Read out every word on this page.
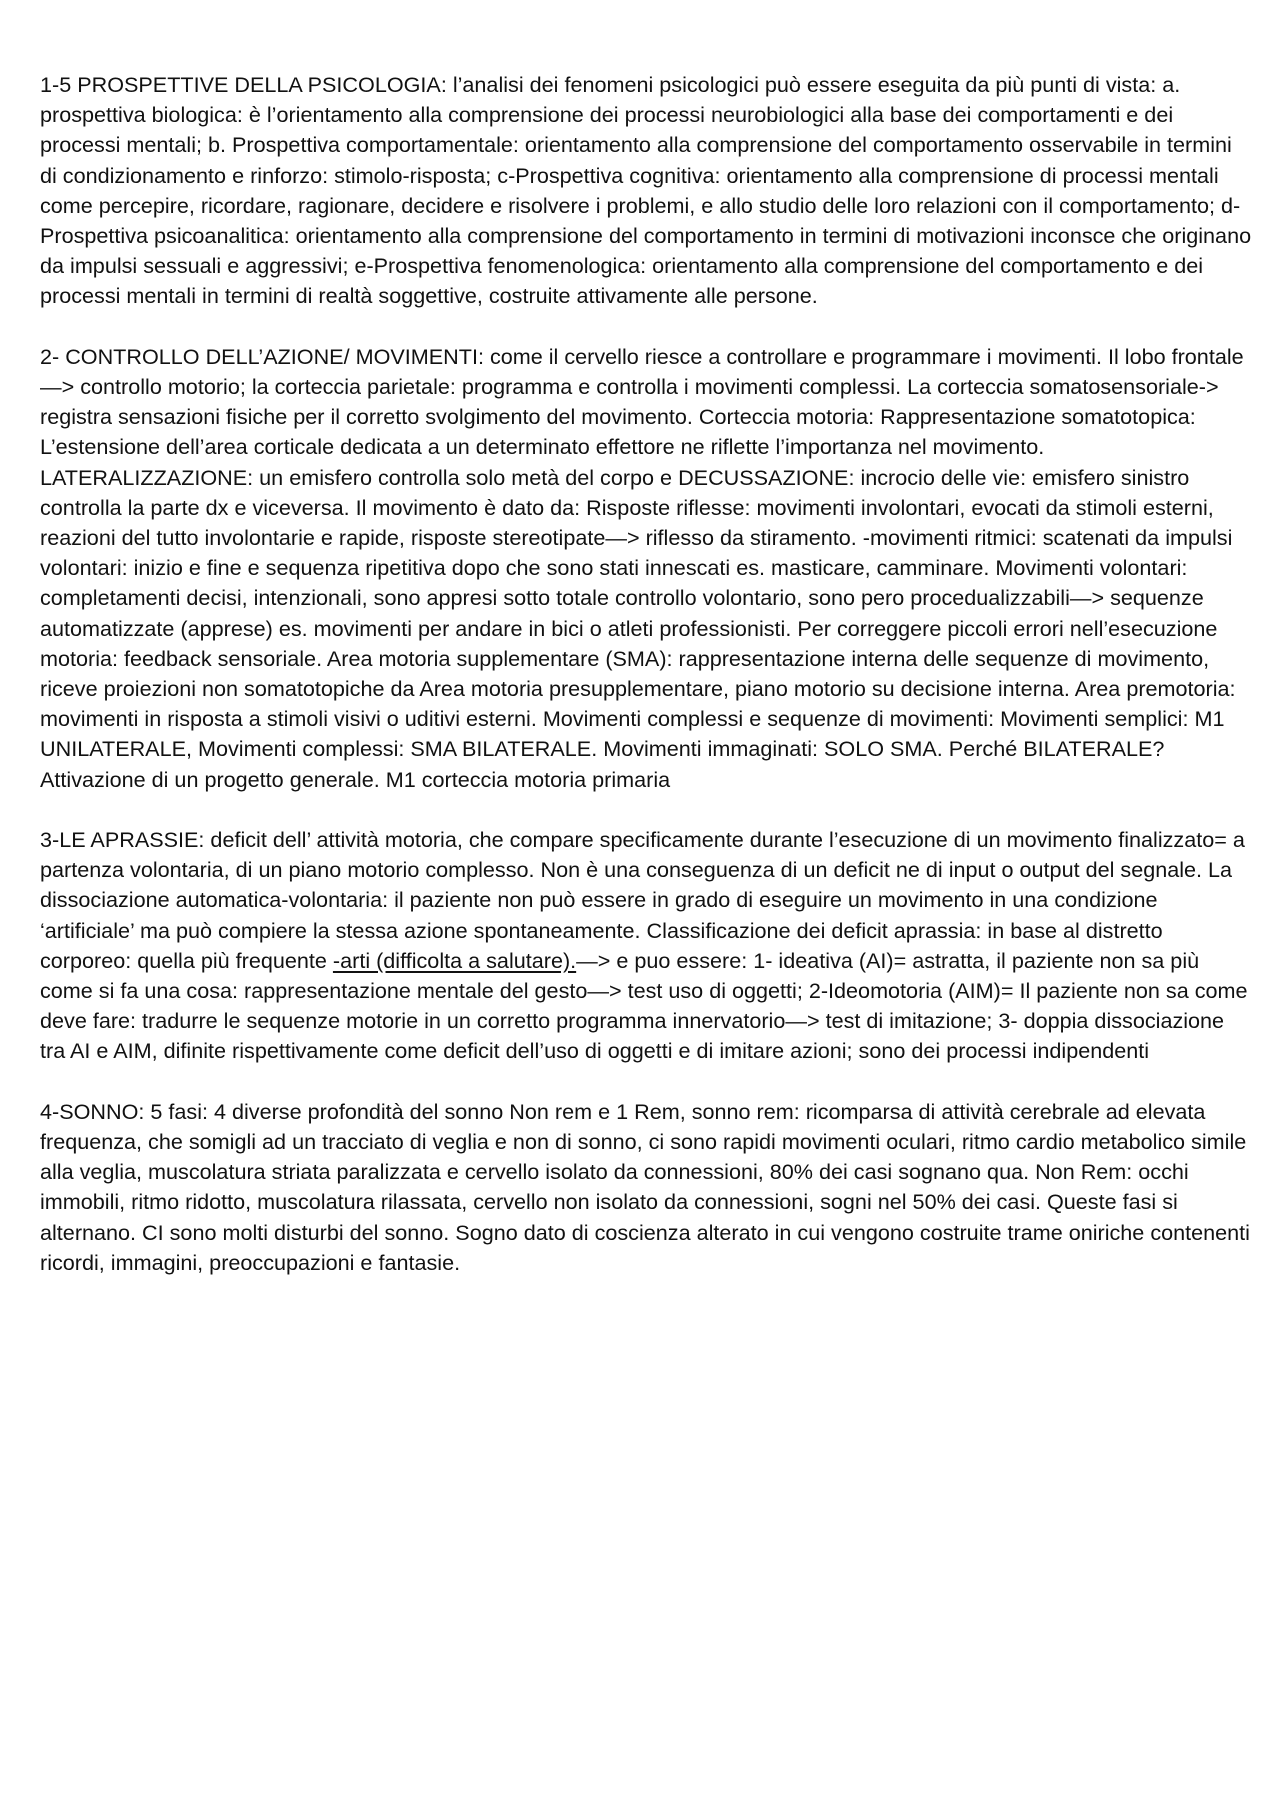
1-5 PROSPETTIVE DELLA PSICOLOGIA: l’analisi dei fenomeni psicologici può essere eseguita da più punti di vista: a. prospettiva biologica: è l’orientamento alla comprensione dei processi neurobiologici alla base dei comportamenti e dei processi mentali; b. Prospettiva comportamentale: orientamento alla comprensione del comportamento osservabile in termini di condizionamento e rinforzo: stimolo-risposta; c-Prospettiva cognitiva: orientamento alla comprensione di processi mentali come percepire, ricordare, ragionare, decidere e risolvere i problemi, e allo studio delle loro relazioni con il comportamento; d-Prospettiva psicoanalitica: orientamento alla comprensione del comportamento in termini di motivazioni inconsce che originano da impulsi sessuali e aggressivi; e-Prospettiva fenomenologica: orientamento alla comprensione del comportamento e dei processi mentali in termini di realtà soggettive, costruite attivamente alle persone.

2- CONTROLLO DELL’AZIONE/ MOVIMENTI: come il cervello riesce a controllare e programmare i movimenti. Il lobo frontale—> controllo motorio; la corteccia parietale: programma e controlla i movimenti complessi. La corteccia somatosensoriale-> registra sensazioni fisiche per il corretto svolgimento del movimento. Corteccia motoria: Rappresentazione somatotopica: L’estensione dell’area corticale dedicata a un determinato effettore ne riflette l’importanza nel movimento. LATERALIZZAZIONE: un emisfero controlla solo metà del corpo e DECUSSAZIONE: incrocio delle vie: emisfero sinistro controlla la parte dx e viceversa. Il movimento è dato da: Risposte riflesse: movimenti involontari, evocati da stimoli esterni, reazioni del tutto involontarie e rapide, risposte stereotipate—> riflesso da stiramento. -movimenti ritmici: scatenati da impulsi volontari: inizio e fine e sequenza ripetitiva dopo che sono stati innescati es. masticare, camminare. Movimenti volontari: completamenti decisi, intenzionali, sono appresi sotto totale controllo volontario, sono pero procedualizzabili—> sequenze automatizzate (apprese) es. movimenti per andare in bici o atleti professionisti. Per correggere piccoli errori nell’esecuzione motoria: feedback sensoriale. Area motoria supplementare (SMA): rappresentazione interna delle sequenze di movimento, riceve proiezioni non somatotopiche da Area motoria presupplementare, piano motorio su decisione interna. Area premotoria: movimenti in risposta a stimoli visivi o uditivi esterni. Movimenti complessi e sequenze di movimenti: Movimenti semplici: M1 UNILATERALE, Movimenti complessi: SMA BILATERALE. Movimenti immaginati: SOLO SMA. Perché BILATERALE? Attivazione di un progetto generale. M1 corteccia motoria primaria

3-LE APRASSIE: deficit dell’ attività motoria, che compare specificamente durante l’esecuzione di un movimento finalizzato= a partenza volontaria, di un piano motorio complesso. Non è una conseguenza di un deficit ne di input o output del segnale. La dissociazione automatica-volontaria: il paziente non può essere in grado di eseguire un movimento in una condizione ‘artificiale’ ma può compiere la stessa azione spontaneamente. Classificazione dei deficit aprassia: in base al distretto corporeo: quella più frequente -arti (difficolta a salutare).—> e puo essere: 1- ideativa (AI)= astratta, il paziente non sa più come si fa una cosa: rappresentazione mentale del gesto—> test uso di oggetti; 2-Ideomotoria (AIM)= Il paziente non sa come deve fare: tradurre le sequenze motorie in un corretto programma innervatorio—> test di imitazione; 3- doppia dissociazione tra AI e AIM, difinite rispettivamente come deficit dell’uso di oggetti e di imitare azioni; sono dei processi indipendenti

4-SONNO: 5 fasi: 4 diverse profondità del sonno Non rem e 1 Rem, sonno rem: ricomparsa di attività cerebrale ad elevata frequenza, che somigli ad un tracciato di veglia e non di sonno, ci sono rapidi movimenti oculari, ritmo cardio metabolico simile alla veglia, muscolatura striata paralizzata e cervello isolato da connessioni, 80% dei casi sognano qua. Non Rem: occhi immobili, ritmo ridotto, muscolatura rilassata, cervello non isolato da connessioni, sogni nel 50% dei casi. Queste fasi si alternano. CI sono molti disturbi del sonno. Sogno dato di coscienza alterato in cui vengono costruite trame oniriche contenenti ricordi, immagini, preoccupazioni e fantasie.
